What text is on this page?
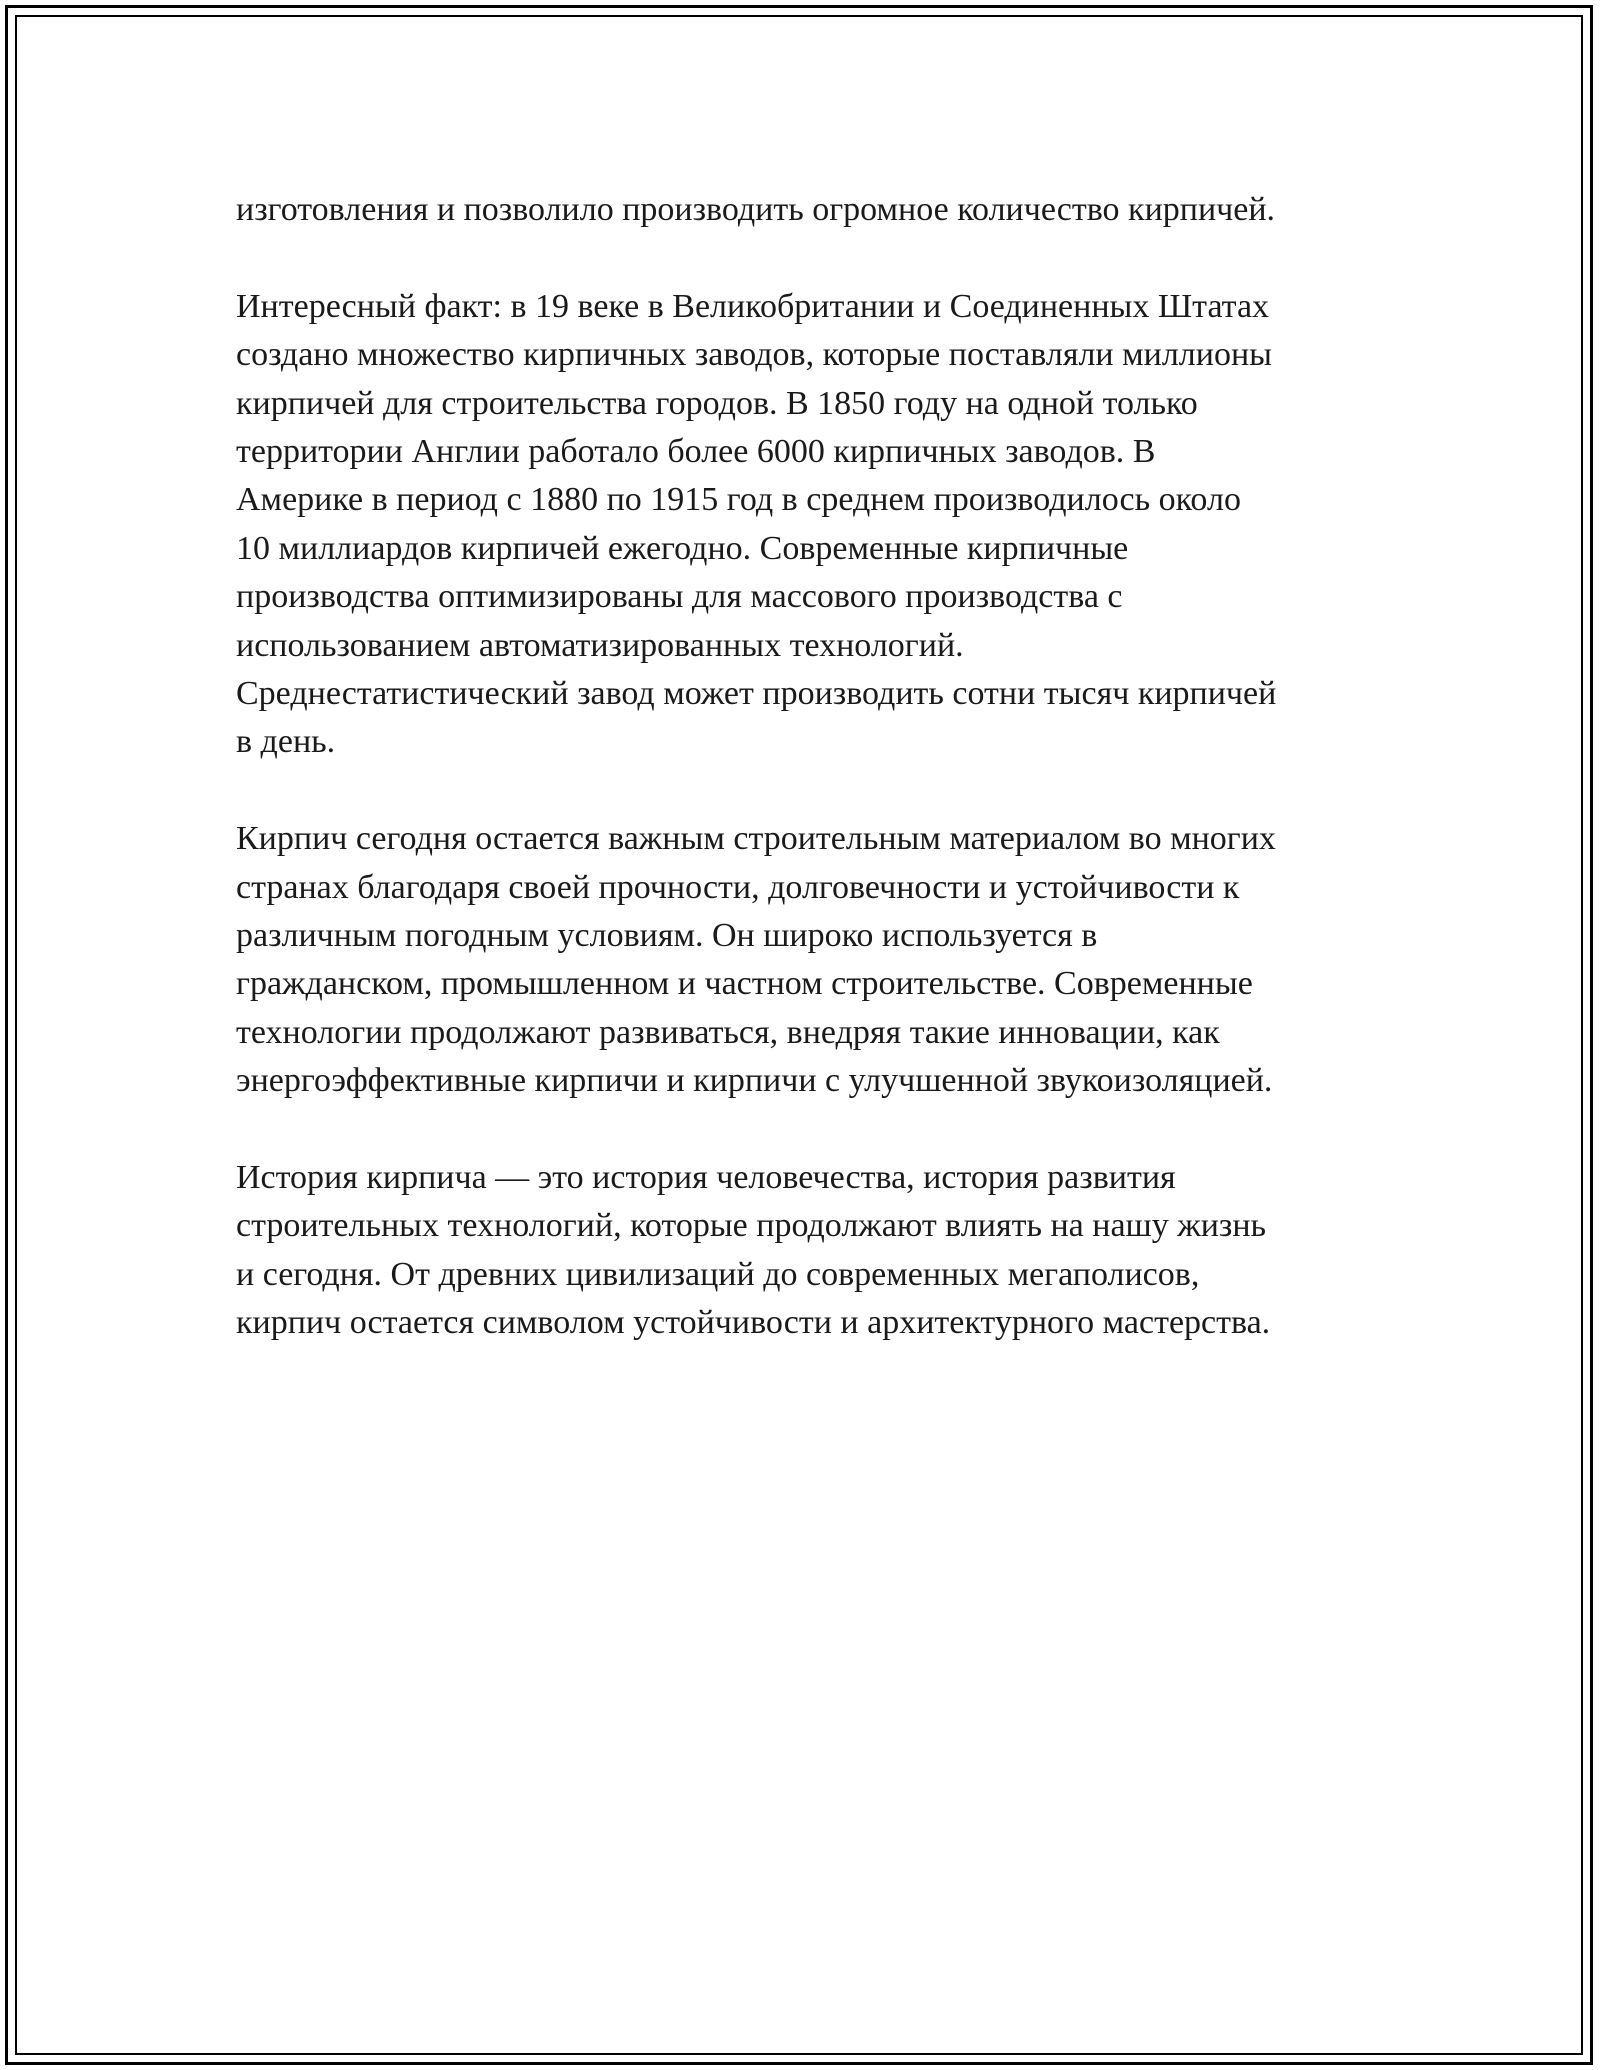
изготовления и позволило производить огромное количество кирпичей.

Интересный факт: в 19 веке в Великобритании и Соединенных Штатах
создано множество кирпичных заводов, которые поставляли миллионы
кирпичей для строительства городов. В 1850 году на одной только
территории Англии работало более 6000 кирпичных заводов. В
Америке в период с 1880 по 1915 год в среднем производилось около
10 миллиардов кирпичей ежегодно. Современные кирпичные
производства оптимизированы для массового производства с
использованием автоматизированных технологий.
Среднестатистический завод может производить сотни тысяч кирпичей
в день.

Кирпич сегодня остается важным строительным материалом во многих
странах благодаря своей прочности, долговечности и устойчивости к
различным погодным условиям. Он широко используется в
гражданском, промышленном и частном строительстве. Современные
технологии продолжают развиваться, внедряя такие инновации, как
энергоэффективные кирпичи и кирпичи с улучшенной звукоизоляцией.

История кирпича — это история человечества, история развития
строительных технологий, которые продолжают влиять на нашу жизнь
и сегодня. От древних цивилизаций до современных мегаполисов,
кирпич остается символом устойчивости и архитектурного мастерства.
